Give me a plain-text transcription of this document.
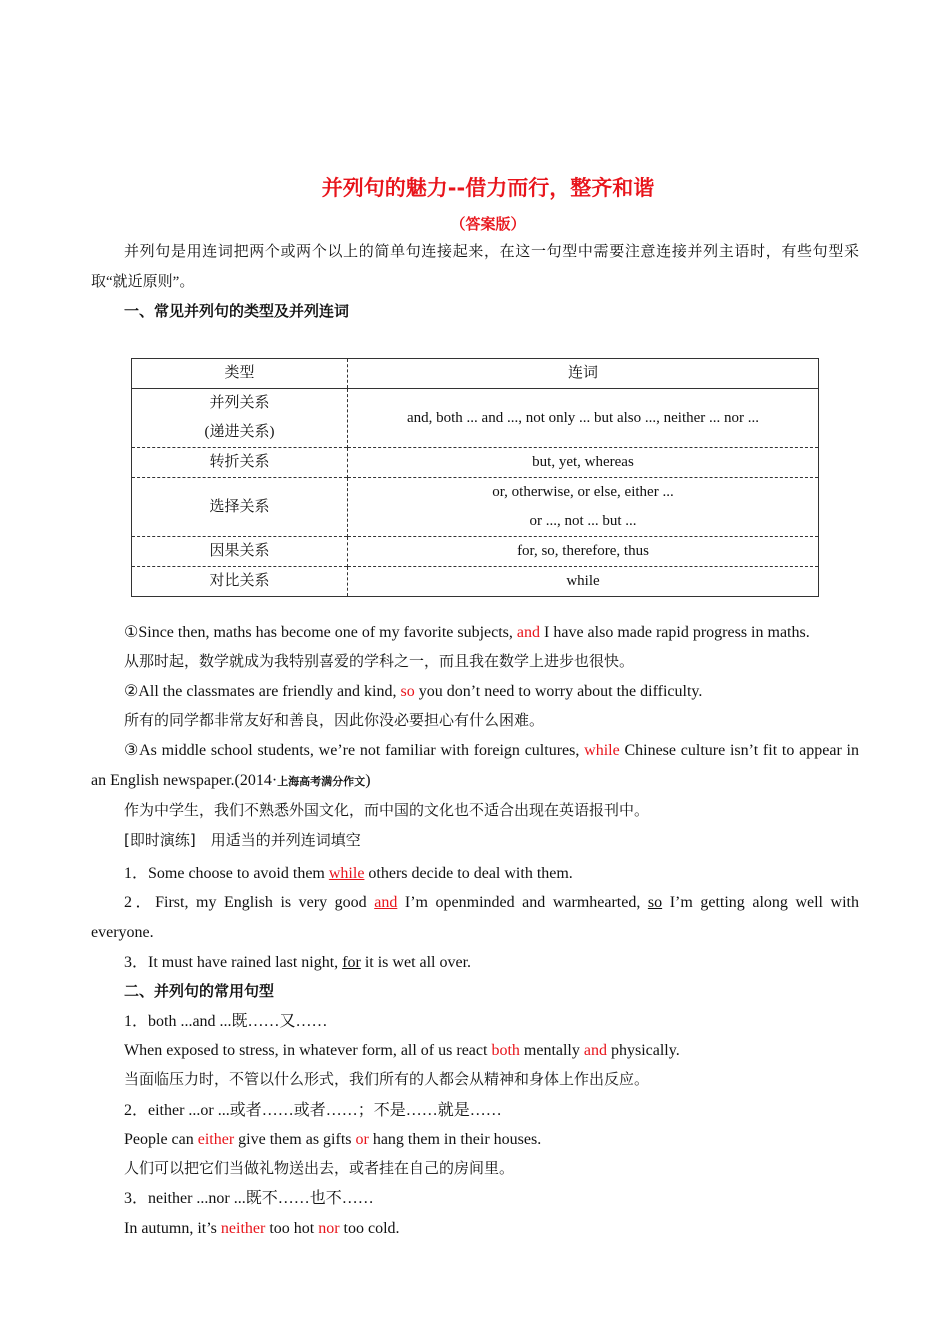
并列句的魅力--借力而行，整齐和谐
（答案版）

并列句是用连词把两个或两个以上的简单句连接起来，在这一句型中需要注意连接并列主语时，有些句型采取“就近原则”。

一、常见并列句的类型及并列连词

类型	连词

并列关系
(递进关系)	and, both ... and ..., not only ... but also ..., neither ... nor ...
转折关系	but, yet, whereas
选择关系	or, otherwise, or else, either ...
or ..., not ... but ...

因果关系	for, so, therefore, thus
对比关系	while

①Since then, maths has become one of my favorite subjects, and I have also made rapid progress in maths.

从那时起，数学就成为我特别喜爱的学科之一，而且我在数学上进步也很快。

②All the classmates are friendly and kind, so you don’t need to worry about the difficulty.

所有的同学都非常友好和善良，因此你没必要担心有什么困难。

③As middle school students, we’re not familiar with foreign cultures, while Chinese culture isn’t fit to appear in an English newspaper.(2014·上海高考满分作文)

作为中学生，我们不熟悉外国文化，而中国的文化也不适合出现在英语报刊中。

[即时演练]　用适当的并列连词填空

1．Some choose to avoid them while others decide to deal with them.

2．First, my English is very good and I’m openminded and warmhearted, so I’m getting along well with everyone.

3．It must have rained last night, for it is wet all over.

二、并列句的常用句型

1．both ...and ...既……又……

When exposed to stress, in whatever form, all of us react both mentally and physically.

当面临压力时，不管以什么形式，我们所有的人都会从精神和身体上作出反应。

2．either ...or ...或者……或者……；不是……就是……

People can either give them as gifts or hang them in their houses.

人们可以把它们当做礼物送出去，或者挂在自己的房间里。

3．neither ...nor ...既不……也不……

In autumn, it’s neither too hot nor too cold.
